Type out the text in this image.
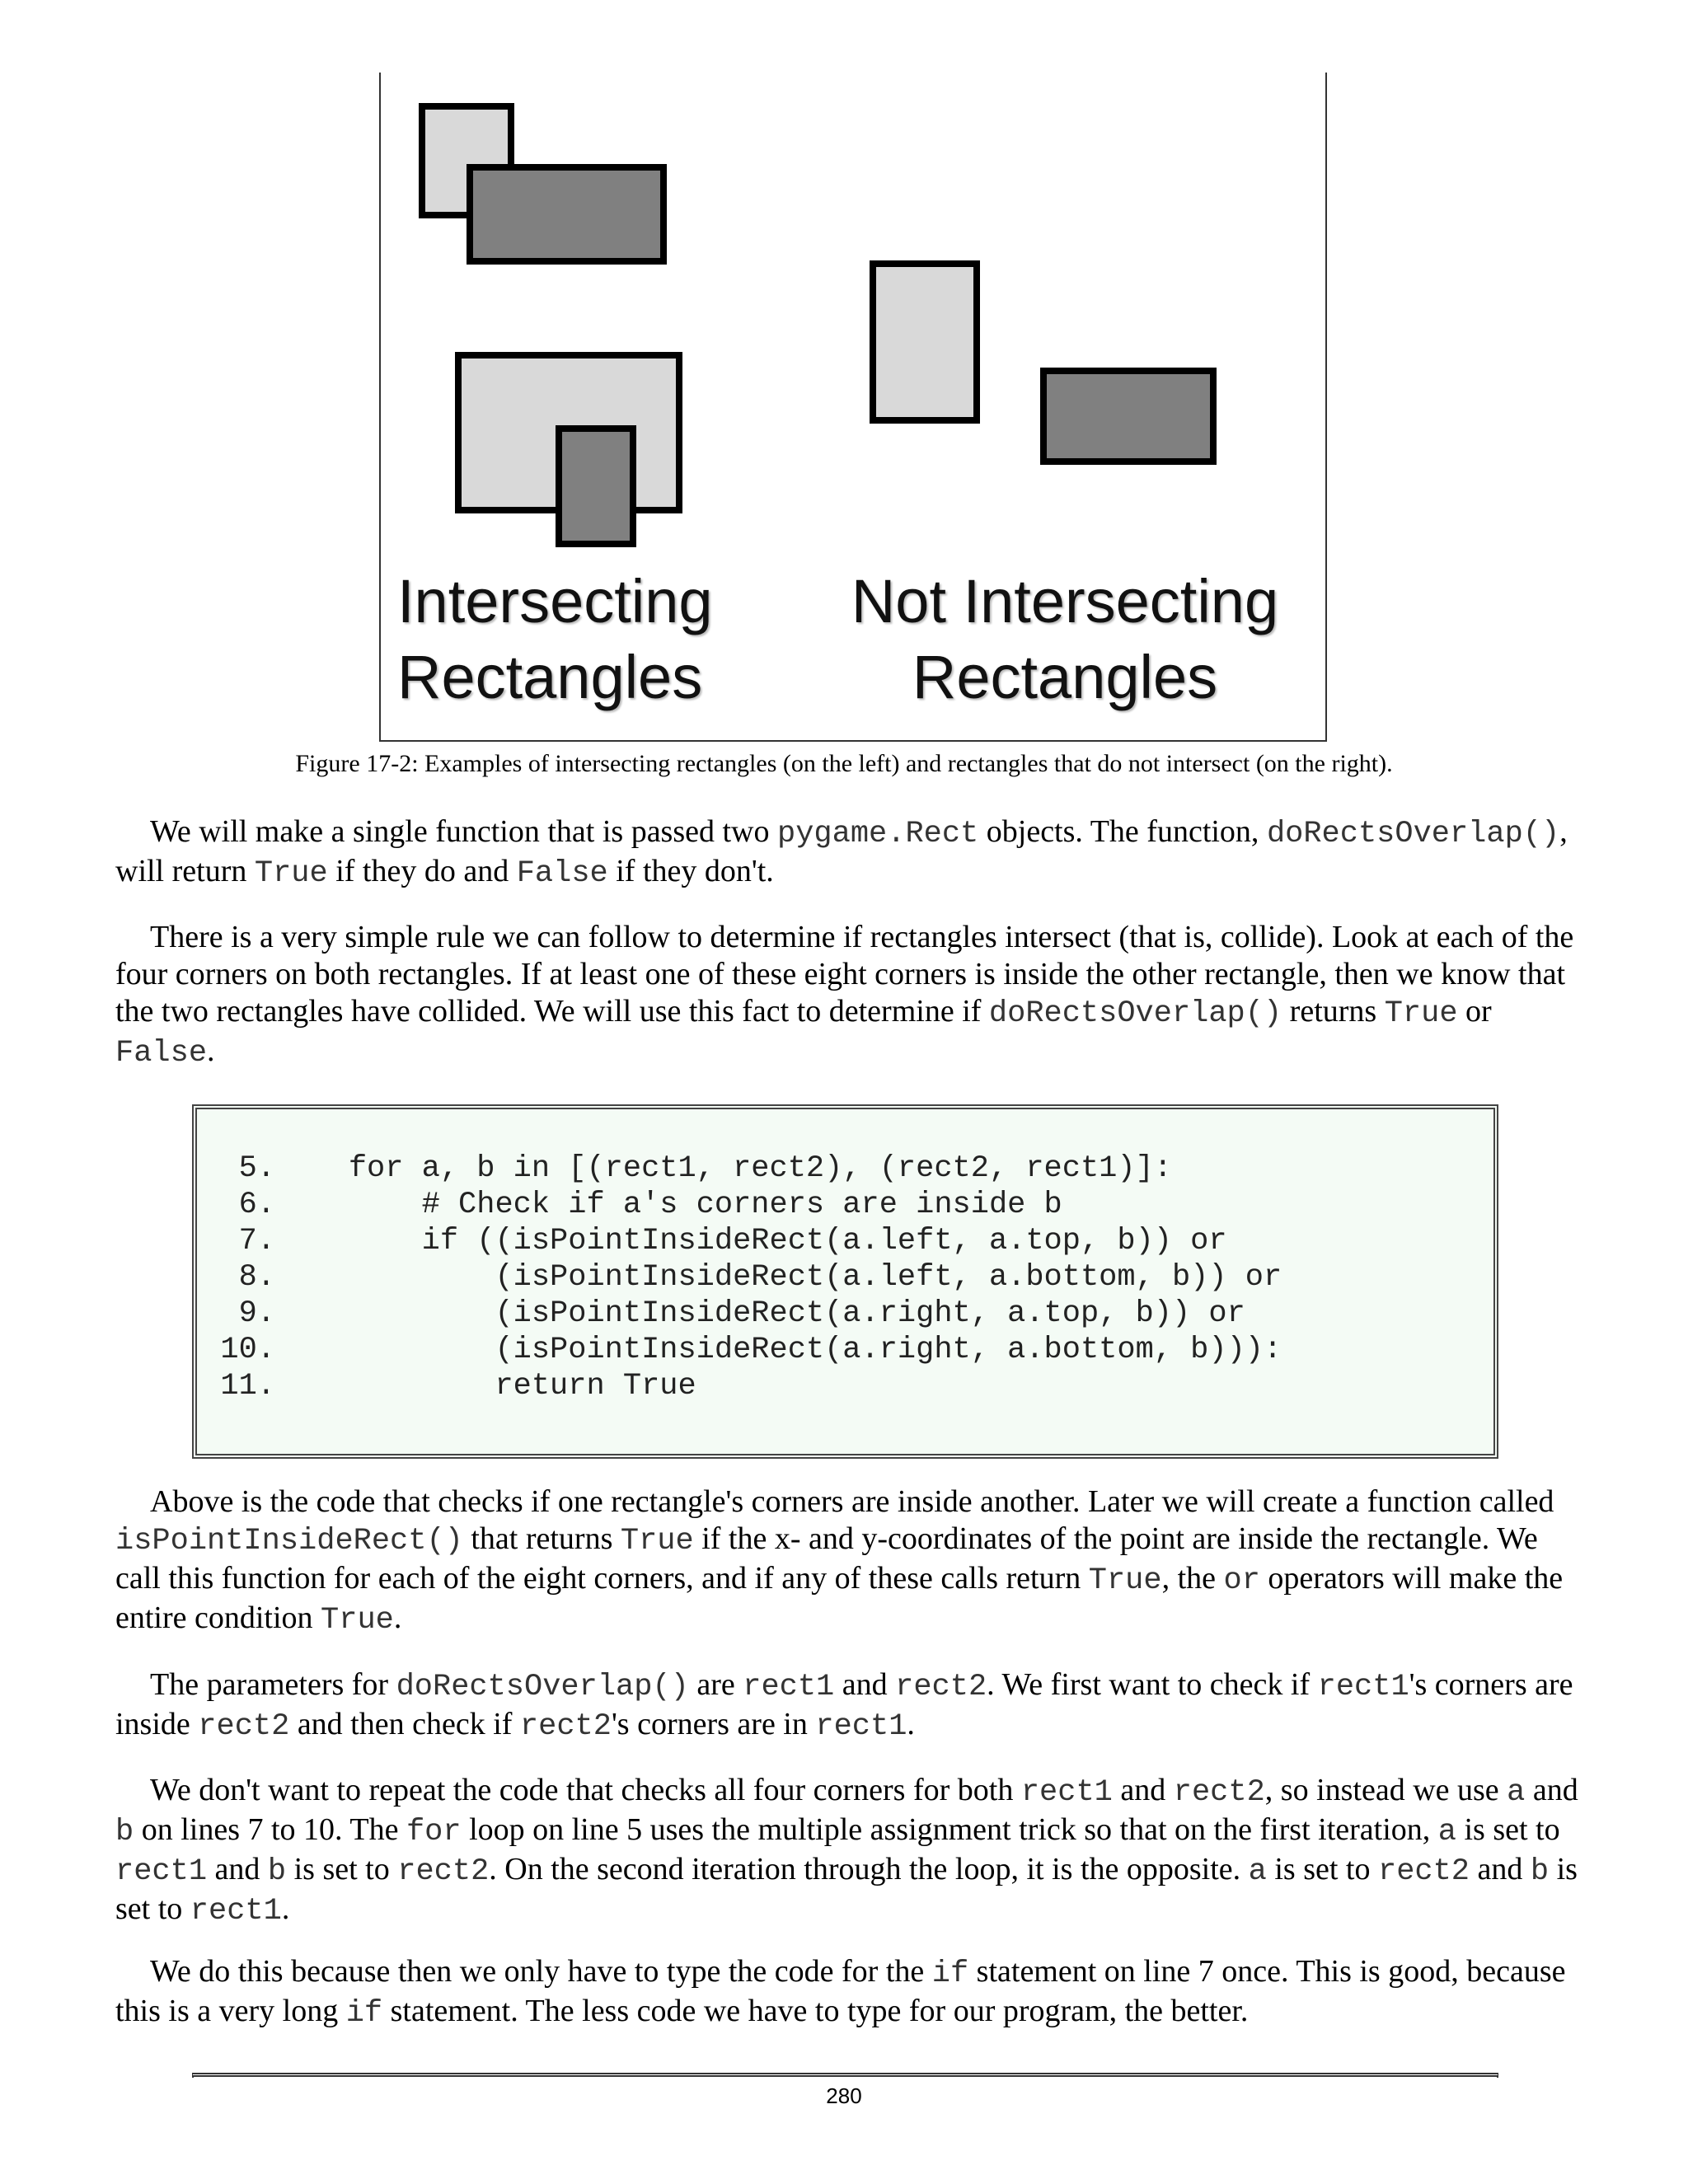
Intersecting
Rectangles
Not Intersecting
Rectangles
Figure 17-2: Examples of intersecting rectangles (on the left) and rectangles that do not intersect (on the right).

We will make a single function that is passed two pygame.Rect objects. The function, doRectsOverlap(), will return True if they do and False if they don't.

There is a very simple rule we can follow to determine if rectangles intersect (that is, collide). Look at each of the four corners on both rectangles. If at least one of these eight corners is inside the other rectangle, then we know that the two rectangles have collided. We will use this fact to determine if doRectsOverlap() returns True or False.

5.    for a, b in [(rect1, rect2), (rect2, rect1)]:
6.        # Check if a's corners are inside b
7.        if ((isPointInsideRect(a.left, a.top, b)) or
8.            (isPointInsideRect(a.left, a.bottom, b)) or
9.            (isPointInsideRect(a.right, a.top, b)) or
10.            (isPointInsideRect(a.right, a.bottom, b))):
11.            return True

Above is the code that checks if one rectangle's corners are inside another. Later we will create a function called isPointInsideRect() that returns True if the x- and y-coordinates of the point are inside the rectangle. We call this function for each of the eight corners, and if any of these calls return True, the or operators will make the entire condition True.

The parameters for doRectsOverlap() are rect1 and rect2. We first want to check if rect1's corners are inside rect2 and then check if rect2's corners are in rect1.

We don't want to repeat the code that checks all four corners for both rect1 and rect2, so instead we use a and b on lines 7 to 10. The for loop on line 5 uses the multiple assignment trick so that on the first iteration, a is set to rect1 and b is set to rect2. On the second iteration through the loop, it is the opposite. a is set to rect2 and b is set to rect1.

We do this because then we only have to type the code for the if statement on line 7 once. This is good, because this is a very long if statement. The less code we have to type for our program, the better.

280
